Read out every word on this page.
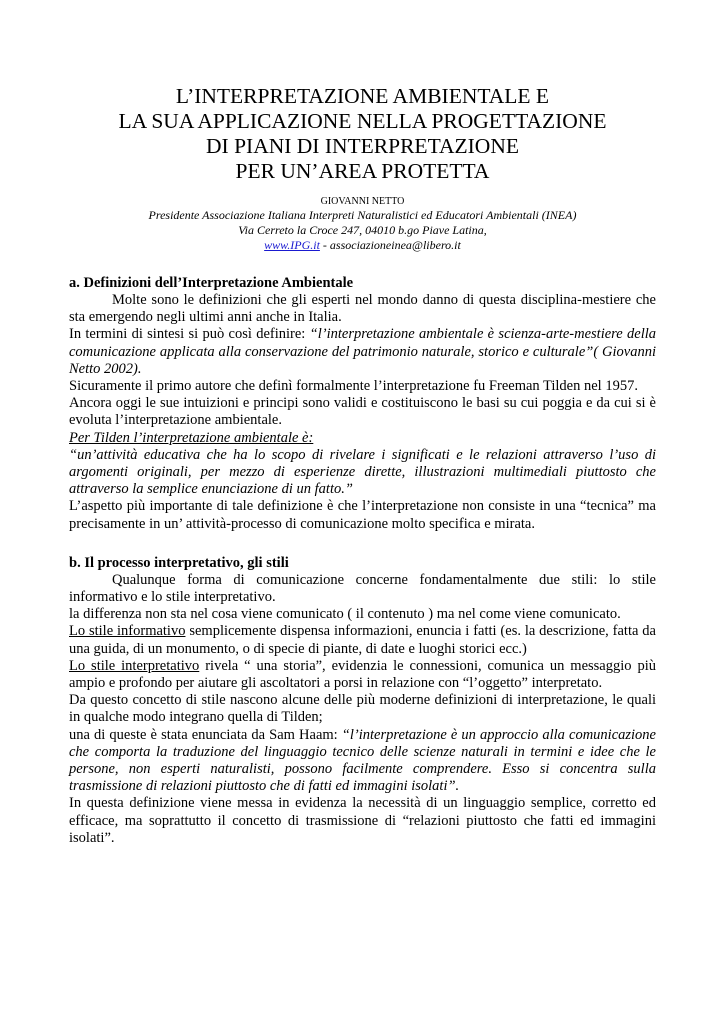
L’INTERPRETAZIONE AMBIENTALE E
LA SUA APPLICAZIONE NELLA PROGETTAZIONE
DI PIANI DI INTERPRETAZIONE
PER UN’AREA PROTETTA
GIOVANNI NETTO
Presidente Associazione Italiana Interpreti Naturalistici ed Educatori Ambientali (INEA)
Via Cerreto la Croce 247, 04010 b.go Piave Latina,
www.IPG.it - associazioneinea@libero.it
a. Definizioni dell’Interpretazione Ambientale

Molte sono le definizioni che gli esperti nel mondo danno di questa disciplina-mestiere che sta emergendo negli ultimi anni anche in Italia.

In termini di sintesi si può così definire: “l’interpretazione ambientale è scienza-arte-mestiere della comunicazione applicata alla conservazione del patrimonio naturale, storico e culturale”( Giovanni Netto 2002).

Sicuramente il primo autore che definì formalmente l’interpretazione fu Freeman Tilden nel 1957.

Ancora oggi le sue intuizioni e principi sono validi e costituiscono le basi su cui poggia e da cui si è evoluta l’interpretazione ambientale.

Per Tilden l’interpretazione ambientale è:

“un’attività educativa che ha lo scopo di rivelare i significati e le relazioni attraverso l’uso di argomenti originali, per mezzo di esperienze dirette, illustrazioni multimediali piuttosto che attraverso la semplice enunciazione di un fatto.”

L’aspetto più importante di tale definizione è che l’interpretazione non consiste in una “tecnica” ma precisamente in un’ attività-processo di comunicazione molto specifica e mirata.

b. Il processo interpretativo, gli stili

Qualunque forma di comunicazione concerne fondamentalmente due stili: lo stile informativo e lo stile interpretativo.

la differenza non sta nel cosa viene comunicato ( il contenuto ) ma nel come viene comunicato.

Lo stile informativo semplicemente dispensa informazioni, enuncia i fatti (es. la descrizione, fatta da una guida, di un monumento, o di specie di piante, di date e luoghi storici ecc.)

Lo stile interpretativo rivela “ una storia”, evidenzia le connessioni, comunica un messaggio più ampio e profondo per aiutare gli ascoltatori a porsi in relazione con “l’oggetto” interpretato.

Da questo concetto di stile nascono alcune delle più moderne definizioni di interpretazione, le quali in qualche modo integrano quella di Tilden;

una di queste è stata enunciata da Sam Haam: “l’interpretazione è un approccio alla comunicazione che comporta la traduzione del linguaggio tecnico delle scienze naturali in termini e idee che le persone, non esperti naturalisti, possono facilmente comprendere. Esso si concentra sulla trasmissione di relazioni piuttosto che di fatti ed immagini isolati”.

In questa definizione viene messa in evidenza la necessità di un linguaggio semplice, corretto ed efficace, ma soprattutto il concetto di trasmissione di “relazioni piuttosto che fatti ed immagini isolati”.
